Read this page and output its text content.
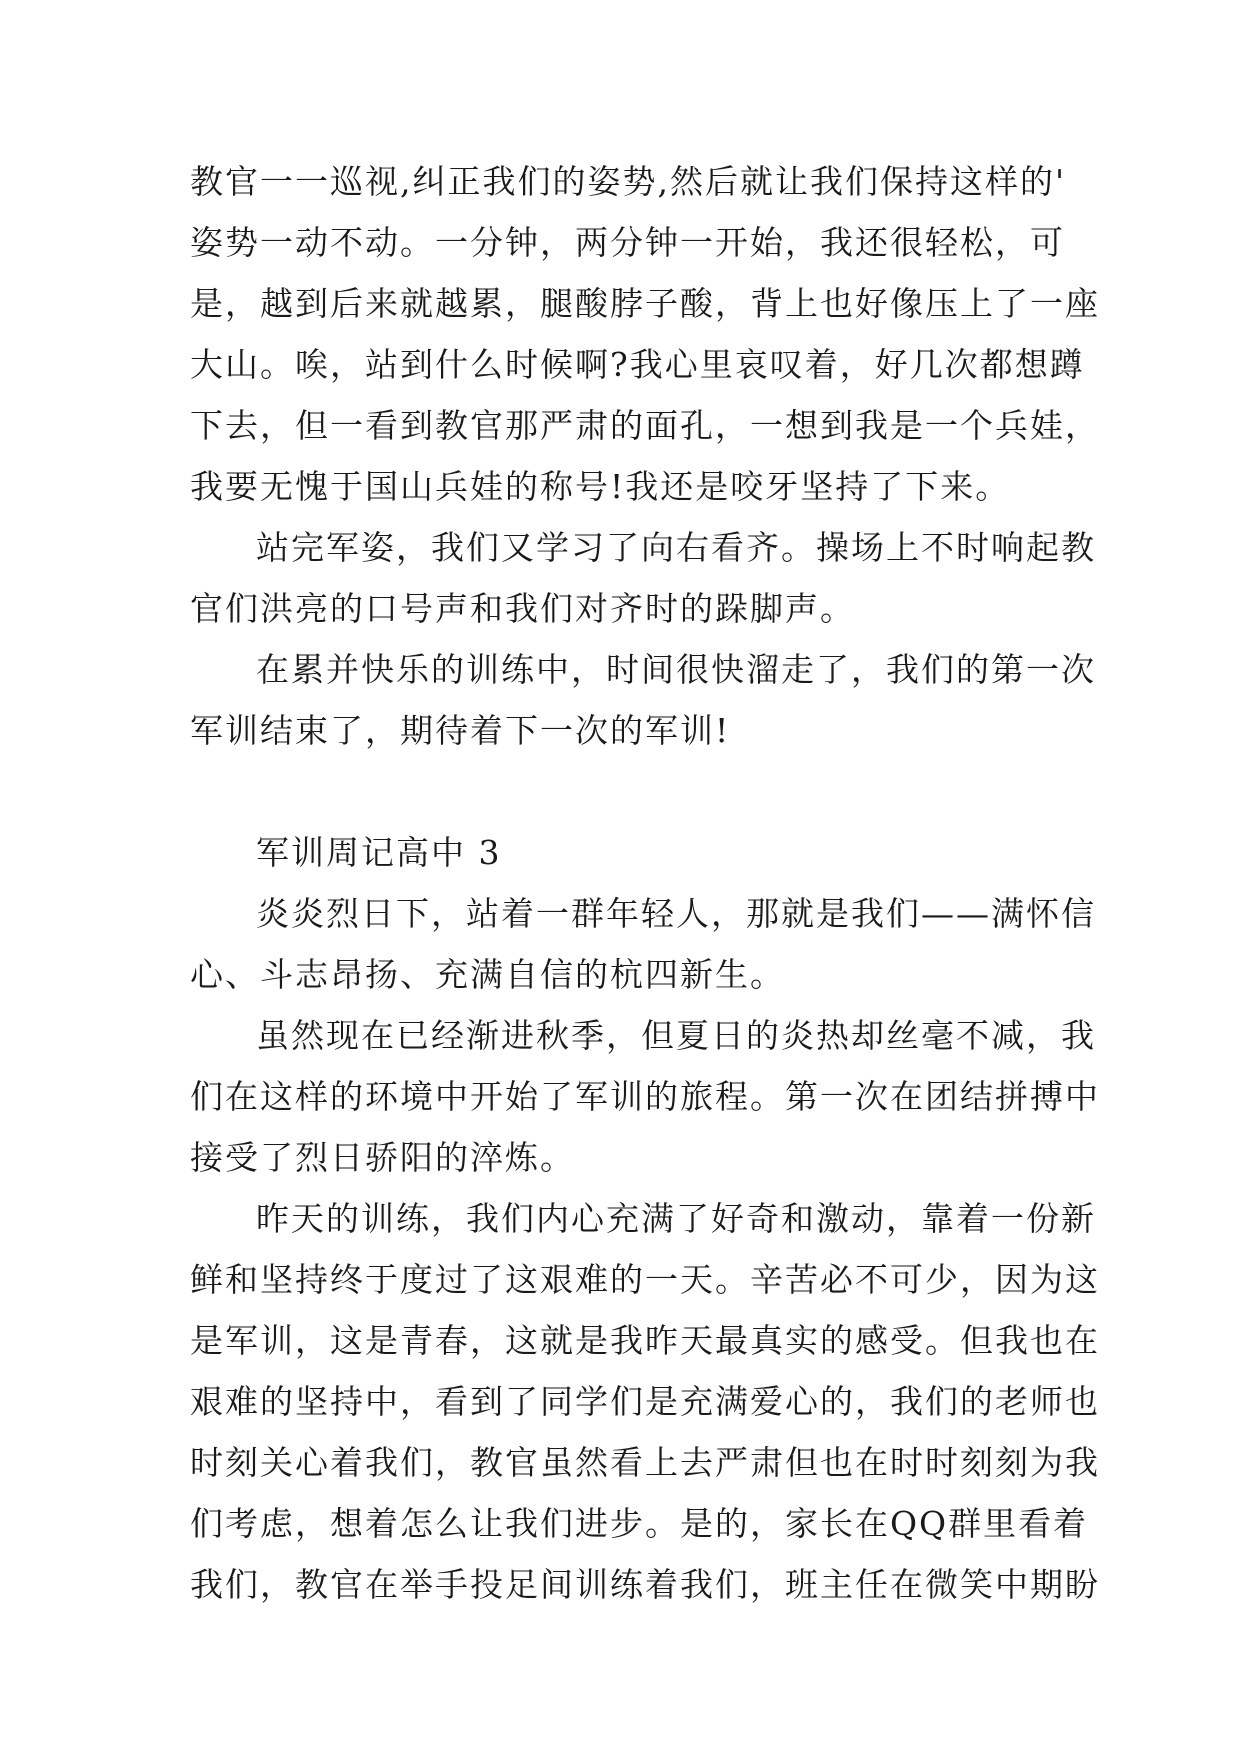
教官一一巡视,纠正我们的姿势,然后就让我们保持这样的'
姿势一动不动。一分钟，两分钟一开始，我还很轻松，可
是，越到后来就越累，腿酸脖子酸，背上也好像压上了一座
大山。唉，站到什么时候啊?我心里哀叹着，好几次都想蹲
下去，但一看到教官那严肃的面孔，一想到我是一个兵娃，
我要无愧于国山兵娃的称号!我还是咬牙坚持了下来。
站完军姿，我们又学习了向右看齐。操场上不时响起教
官们洪亮的口号声和我们对齐时的跺脚声。
在累并快乐的训练中，时间很快溜走了，我们的第一次
军训结束了，期待着下一次的军训!
军训周记高中 3
炎炎烈日下，站着一群年轻人，那就是我们——满怀信
心、斗志昂扬、充满自信的杭四新生。
虽然现在已经渐进秋季，但夏日的炎热却丝毫不减，我
们在这样的环境中开始了军训的旅程。第一次在团结拼搏中
接受了烈日骄阳的淬炼。
昨天的训练，我们内心充满了好奇和激动，靠着一份新
鲜和坚持终于度过了这艰难的一天。辛苦必不可少，因为这
是军训，这是青春，这就是我昨天最真实的感受。但我也在
艰难的坚持中，看到了同学们是充满爱心的，我们的老师也
时刻关心着我们，教官虽然看上去严肃但也在时时刻刻为我
们考虑，想着怎么让我们进步。是的，家长在QQ群里看着
我们，教官在举手投足间训练着我们，班主任在微笑中期盼
